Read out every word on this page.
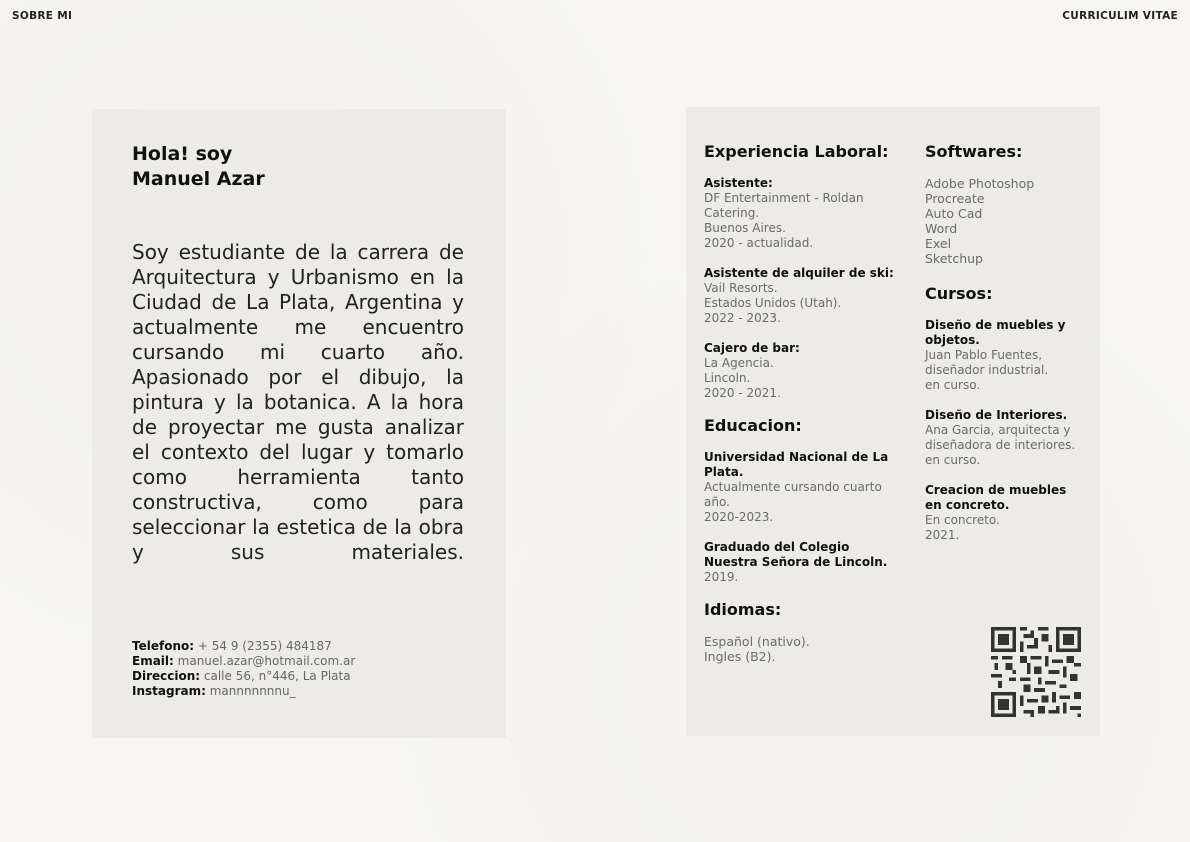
SOBRE MI	CURRICULIM VITAE
Hola! soy
Manuel Azar
Soy estudiante de la carrera de Arquitectura y Urbanismo en la Ciudad de La Plata, Argentina y actualmente me encuentro cursando mi cuarto año. Apasionado por el dibujo, la pintura y la botanica. A la hora de proyectar me gusta analizar el contexto del lugar y tomarlo como herramienta tanto constructiva, como para seleccionar la estetica de la obra y sus materiales.
Telefono: + 54 9 (2355) 484187
Email: manuel.azar@hotmail.com.ar
Direccion: calle 56, n°446, La Plata
Instagram: mannnnnnnu_
Experiencia Laboral:
Asistente:
DF Entertainment - Roldan Catering.
Buenos Aires.
2020 - actualidad.
Asistente de alquiler de ski:
Vail Resorts.
Estados Unidos (Utah).
2022 - 2023.
Cajero de bar:
La Agencia.
Lincoln.
2020 - 2021.
Educacion:
Universidad Nacional de La Plata.
Actualmente cursando cuarto año.
2020-2023.
Graduado del Colegio Nuestra Señora de Lincoln.
2019.
Idiomas:
Español (nativo).
Ingles (B2).
Softwares:
Adobe Photoshop
Procreate
Auto Cad
Word
Exel
Sketchup
Cursos:
Diseño de muebles y objetos.
Juan Pablo Fuentes, diseñador industrial.
en curso.
Diseño de Interiores.
Ana Garcia, arquitecta y diseñadora de interiores.
en curso.
Creacion de muebles en concreto.
En concreto.
2021.
